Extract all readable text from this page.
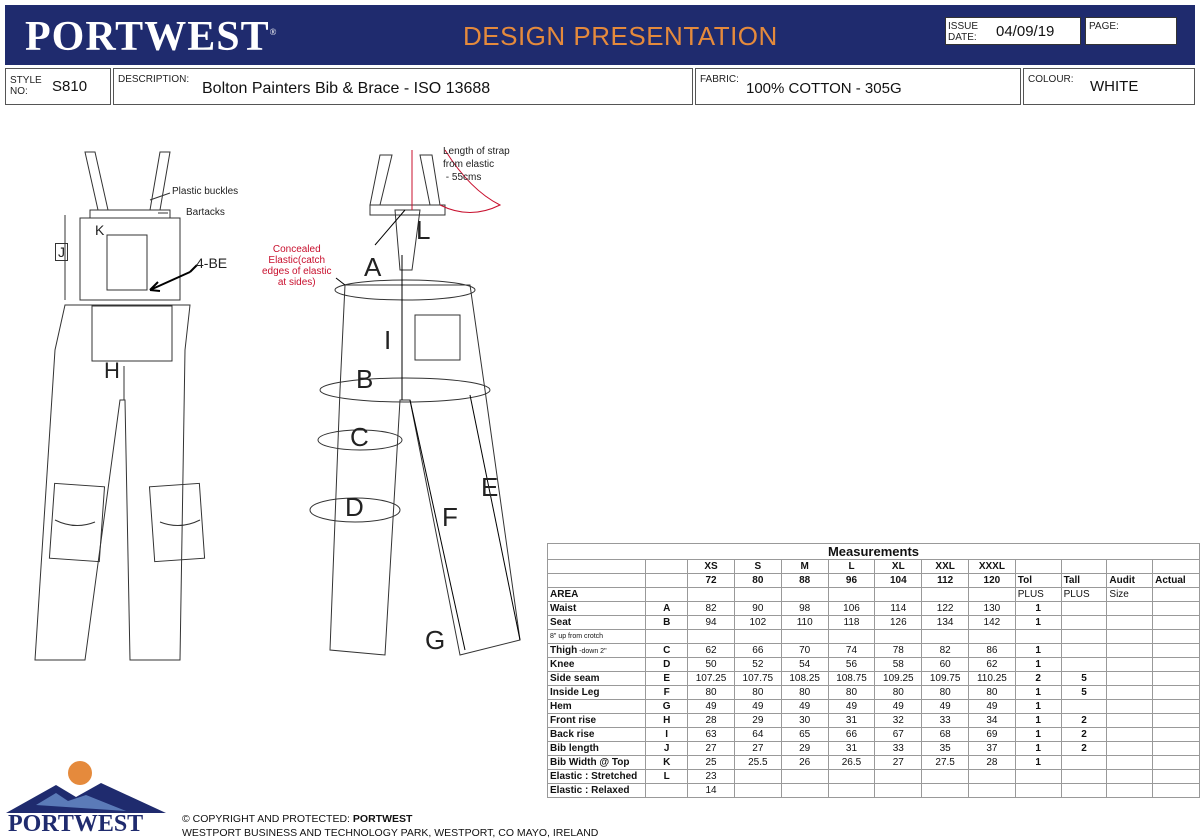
PORTWEST®	DESIGN PRESENTATION	ISSUE
DATE: 04/09/19	PAGE:
STYLE
NO:	S810	DESCRIPTION:
Bolton Painters Bib & Brace - ISO 13688
FABRIC:
100% COTTON - 305G
COLOUR: WHITE
Plastic buckles
Bartacks
4-BE
Length of strap
from elastic
- 55cms
Concealed
Elastic(catch
edges of elastic
at sides)
A
B
C
D
E
F
G
H
I
J
K	L
Measurements												
		XS	S	M	L	XL	XXL	XXXL				
		72	80	88	96	104	112	120	Tol	Tall	Audit	Actual
AREA									PLUS	PLUS	Size	
Waist	A	82	90	98	106	114	122	130	1			
Seat	B	94	102	110	118	126	134	142	1			
8" up from crotch												
Thigh -down 2"	C	62	66	70	74	78	82	86	1			
Knee	D	50	52	54	56	58	60	62	1			
Side seam	E	107.25	107.75	108.25	108.75	109.25	109.75	110.25	2	5		
Inside Leg	F	80	80	80	80	80	80	80	1	5		
Hem	G	49	49	49	49	49	49	49	1			
Front rise	H	28	29	30	31	32	33	34	1	2		
Back rise	I	63	64	65	66	67	68	69	1	2		
Bib length	J	27	27	29	31	33	35	37	1	2		
Bib Width @ Top	K	25	25.5	26	26.5	27	27.5	28	1			
Elastic : Stretched	L	23										
Elastic : Relaxed		14										
PORTWEST	© COPYRIGHT AND PROTECTED: PORTWEST
WESTPORT BUSINESS AND TECHNOLOGY PARK, WESTPORT, CO MAYO, IRELAND
